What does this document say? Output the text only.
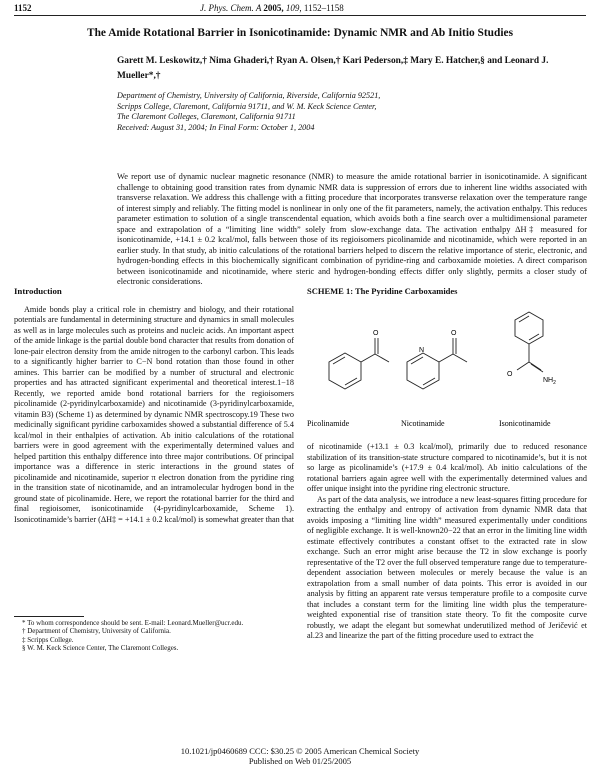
1152	J. Phys. Chem. A 2005, 109, 1152–1158
The Amide Rotational Barrier in Isonicotinamide: Dynamic NMR and Ab Initio Studies
Garett M. Leskowitz,† Nima Ghaderi,† Ryan A. Olsen,† Kari Pederson,‡ Mary E. Hatcher,§ and Leonard J. Mueller*,†
Department of Chemistry, University of California, Riverside, California 92521,
Scripps College, Claremont, California 91711, and W. M. Keck Science Center,
The Claremont Colleges, Claremont, California 91711
Received: August 31, 2004; In Final Form: October 1, 2004
We report use of dynamic nuclear magnetic resonance (NMR) to measure the amide rotational barrier in isonicotinamide. A significant challenge to obtaining good transition rates from dynamic NMR data is suppression of errors due to inherent line widths associated with transverse relaxation. We address this challenge with a fitting procedure that incorporates transverse relaxation over the temperature range of interest simply and reliably. The fitting model is nonlinear in only one of the fit parameters, namely, the activation enthalpy. This reduces parameter estimation to solution of a single transcendental equation, which avoids both a fine search over a multidimensional parameter space and extrapolation of a “limiting line width” solely from slow-exchange data. The activation enthalpy ΔH‡ measured for isonicotinamide, +14.1 ± 0.2 kcal/mol, falls between those of its regioisomers picolinamide and nicotinamide, which were reported in an earlier study. In that study, ab initio calculations of the rotational barriers helped to discern the relative importance of steric, electronic, and hydrogen-bonding effects in this biochemically significant combination of pyridine-ring and carboxamide moieties. A direct comparison between isonicotinamide and nicotinamide, where steric and hydrogen-bonding effects differ only slightly, permits a closer study of electronic considerations.
Introduction

Amide bonds play a critical role in chemistry and biology, and their rotational potentials are fundamental in determining structure and dynamics in small molecules as well as in large molecules such as proteins and nucleic acids. An important aspect of the amide linkage is the partial double bond character that results from donation of lone-pair electron density from the amide nitrogen to the carbonyl carbon. This leads to a significantly higher barrier to C−N bond rotation than those found in other amines. This barrier can be modified by a number of structural and electronic properties and has attracted significant experimental and theoretical interest.1−18 Recently, we reported amide bond rotational barriers for the regioisomers picolinamide (2-pyridinylcarboxamide) and nicotinamide (3-pyridinylcarboxamide, vitamin B3) (Scheme 1) as determined by dynamic NMR spectroscopy.19 These two medicinally significant pyridine carboxamides showed a substantial difference of 5.4 kcal/mol in their enthalpies of activation. Ab initio calculations of the rotational barriers were in good agreement with the experimentally determined values and helped partition this enthalpy difference into three major contributions. Of principal importance was a difference in steric interactions in the ground states of picolinamide and nicotinamide, superior π electron donation from the pyridine ring in the transition state of nicotinamide, and an intramolecular hydrogen bond in the ground state of picolinamide. Here, we report the rotational barrier for the third and final regioisomer, isonicotinamide (4-pyridinylcarboxamide, Scheme 1). Isonicotinamide’s barrier (ΔH‡ = +14.1 ± 0.2 kcal/mol) is somewhat greater than that

SCHEME 1: The Pyridine Carboxamides
O
Picolinamide
N
O
Nicotinamide
O
$NH_2$
Isonicotinamide

of nicotinamide (+13.1 ± 0.3 kcal/mol), primarily due to reduced resonance stabilization of its transition-state structure compared to nicotinamide’s, but it is not so large as picolinamide’s (+17.9 ± 0.4 kcal/mol). Ab initio calculations of the rotational barriers again agree well with the experimentally determined values and offer unique insight into the pyridine ring electronic structure.

As part of the data analysis, we introduce a new least-squares fitting procedure for extracting the enthalpy and entropy of activation from dynamic NMR data that avoids imposing a “limiting line width” measured experimentally under conditions of negligible exchange. It is well-known20−22 that an error in the limiting line width estimate effectively contributes a constant offset to the extracted rate in slow exchange. Such an error might arise because the T2 in slow exchange is poorly representative of the T2 over the full observed temperature range due to temperature-dependent association between molecules or merely because the value is an extrapolation from a small number of data points. This error is avoided in our analysis by fitting an apparent rate versus temperature profile to a composite curve that includes a constant term for the limiting line width plus the temperature-weighted exponential rise of transition state theory. To fit the composite curve robustly, we adapt the elegant but somewhat underutilized method of Jeričević et al.23 and linearize the part of the fitting procedure used to extract the

* To whom correspondence should be sent. E-mail: Leonard.Mueller@ucr.edu.
† Department of Chemistry, University of California.
‡ Scripps College.
§ W. M. Keck Science Center, The Claremont Colleges.
10.1021/jp0460689 CCC: $30.25 © 2005 American Chemical Society
Published on Web 01/25/2005
